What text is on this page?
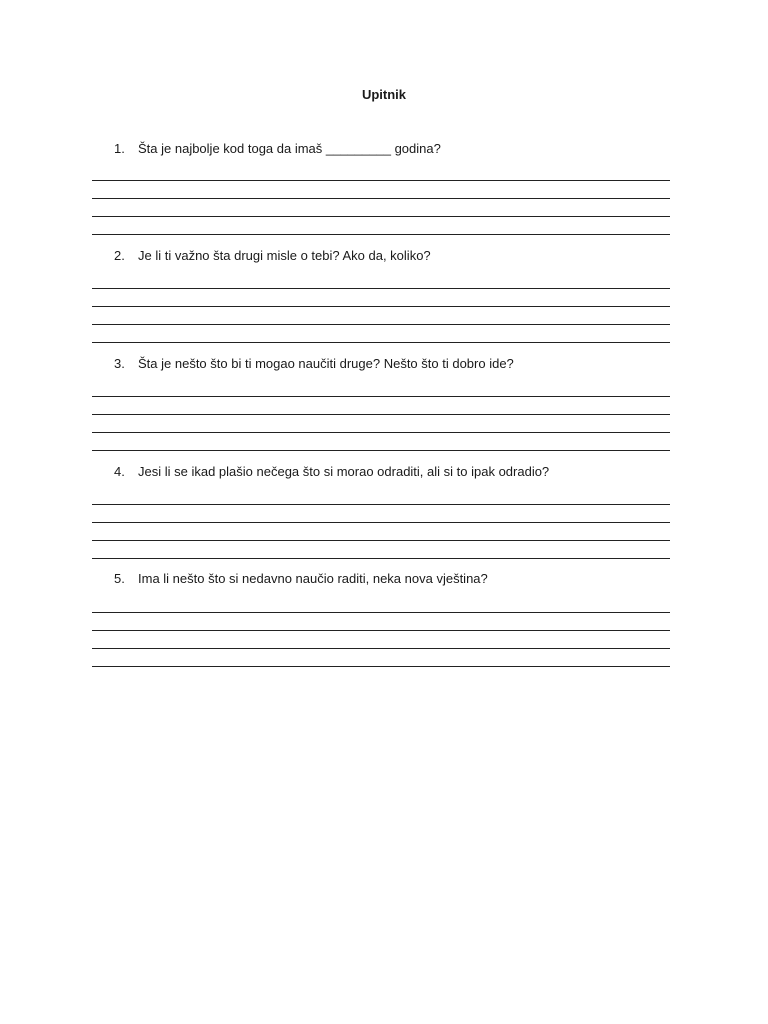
Upitnik
1. Šta je najbolje kod toga da imaš _________ godina?
2. Je li ti važno šta drugi misle o tebi? Ako da, koliko?
3. Šta je nešto što bi ti mogao naučiti druge? Nešto što ti dobro ide?
4. Jesi li se ikad plašio nečega što si morao odraditi, ali si to ipak odradio?
5. Ima li nešto što si nedavno naučio raditi, neka nova vještina?
